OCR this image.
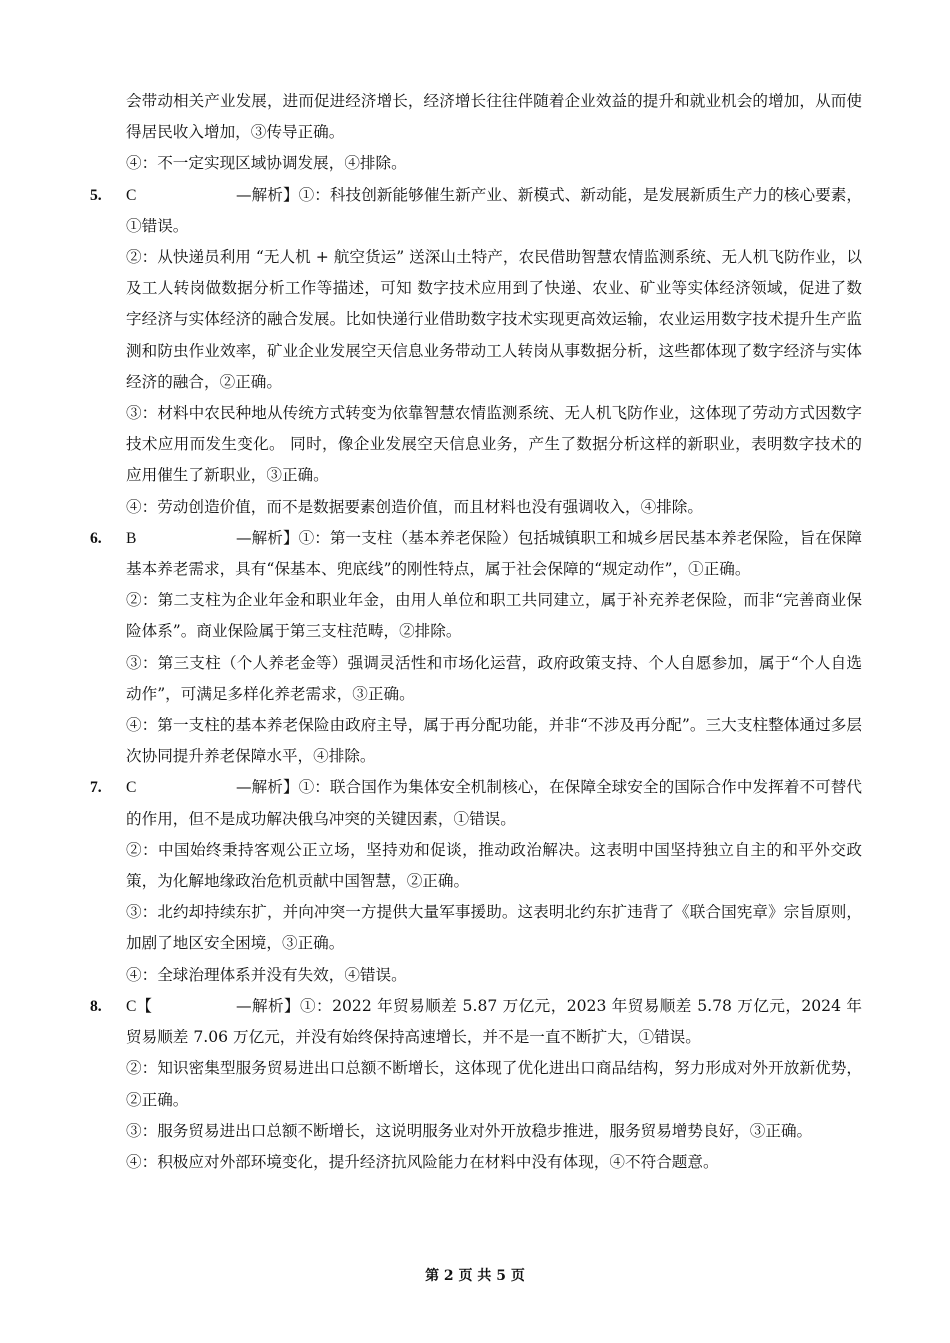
会带动相关产业发展，进而促进经济增长，经济增长往往伴随着企业效益的提升和就业机会的增加，从而使得居民收入增加，③传导正确。

④：不一定实现区域协调发展，④排除。

5. C	—解析】①：科技创新能够催生新产业、新模式、新动能，是发展新质生产力的核心要素，①错误。

②：从快递员利用 “无人机 + 航空货运” 送深山土特产，农民借助智慧农情监测系统、无人机飞防作业，以及工人转岗做数据分析工作等描述，可知 数字技术应用到了快递、农业、矿业等实体经济领域，促进了数字经济与实体经济的融合发展。比如快递行业借助数字技术实现更高效运输，农业运用数字技术提升生产监测和防虫作业效率，矿业企业发展空天信息业务带动工人转岗从事数据分析，这些都体现了数字经济与实体经济的融合，②正确。

③：材料中农民种地从传统方式转变为依靠智慧农情监测系统、无人机飞防作业，这体现了劳动方式因数字技术应用而发生变化。 同时，像企业发展空天信息业务，产生了数据分析这样的新职业，表明数字技术的应用催生了新职业，③正确。

④：劳动创造价值，而不是数据要素创造价值，而且材料也没有强调收入，④排除。

6. B	—解析】①：第一支柱（基本养老保险）包括城镇职工和城乡居民基本养老保险，旨在保障基本养老需求，具有“保基本、兜底线”的刚性特点，属于社会保障的“规定动作”，①正确。

②：第二支柱为企业年金和职业年金，由用人单位和职工共同建立，属于补充养老保险，而非“完善商业保险体系”。商业保险属于第三支柱范畴，②排除。

③：第三支柱（个人养老金等）强调灵活性和市场化运营，政府政策支持、个人自愿参加，属于“个人自选动作”，可满足多样化养老需求，③正确。

④：第一支柱的基本养老保险由政府主导，属于再分配功能，并非“不涉及再分配”。三大支柱整体通过多层次协同提升养老保障水平，④排除。

7. C	—解析】①：联合国作为集体安全机制核心，在保障全球安全的国际合作中发挥着不可替代的作用，但不是成功解决俄乌冲突的关键因素，①错误。

②：中国始终秉持客观公正立场，坚持劝和促谈，推动政治解决。这表明中国坚持独立自主的和平外交政策，为化解地缘政治危机贡献中国智慧，②正确。

③：北约却持续东扩，并向冲突一方提供大量军事援助。这表明北约东扩违背了《联合国宪章》宗旨原则，加剧了地区安全困境，③正确。

④：全球治理体系并没有失效，④错误。

8. C【	—解析】①：2022 年贸易顺差 5.87 万亿元，2023 年贸易顺差 5.78 万亿元，2024 年贸易顺差 7.06 万亿元，并没有始终保持高速增长，并不是一直不断扩大，①错误。

②：知识密集型服务贸易进出口总额不断增长，这体现了优化进出口商品结构，努力形成对外开放新优势，②正确。

③：服务贸易进出口总额不断增长，这说明服务业对外开放稳步推进，服务贸易增势良好，③正确。

④：积极应对外部环境变化，提升经济抗风险能力在材料中没有体现，④不符合题意。

第 2 页 共 5 页
